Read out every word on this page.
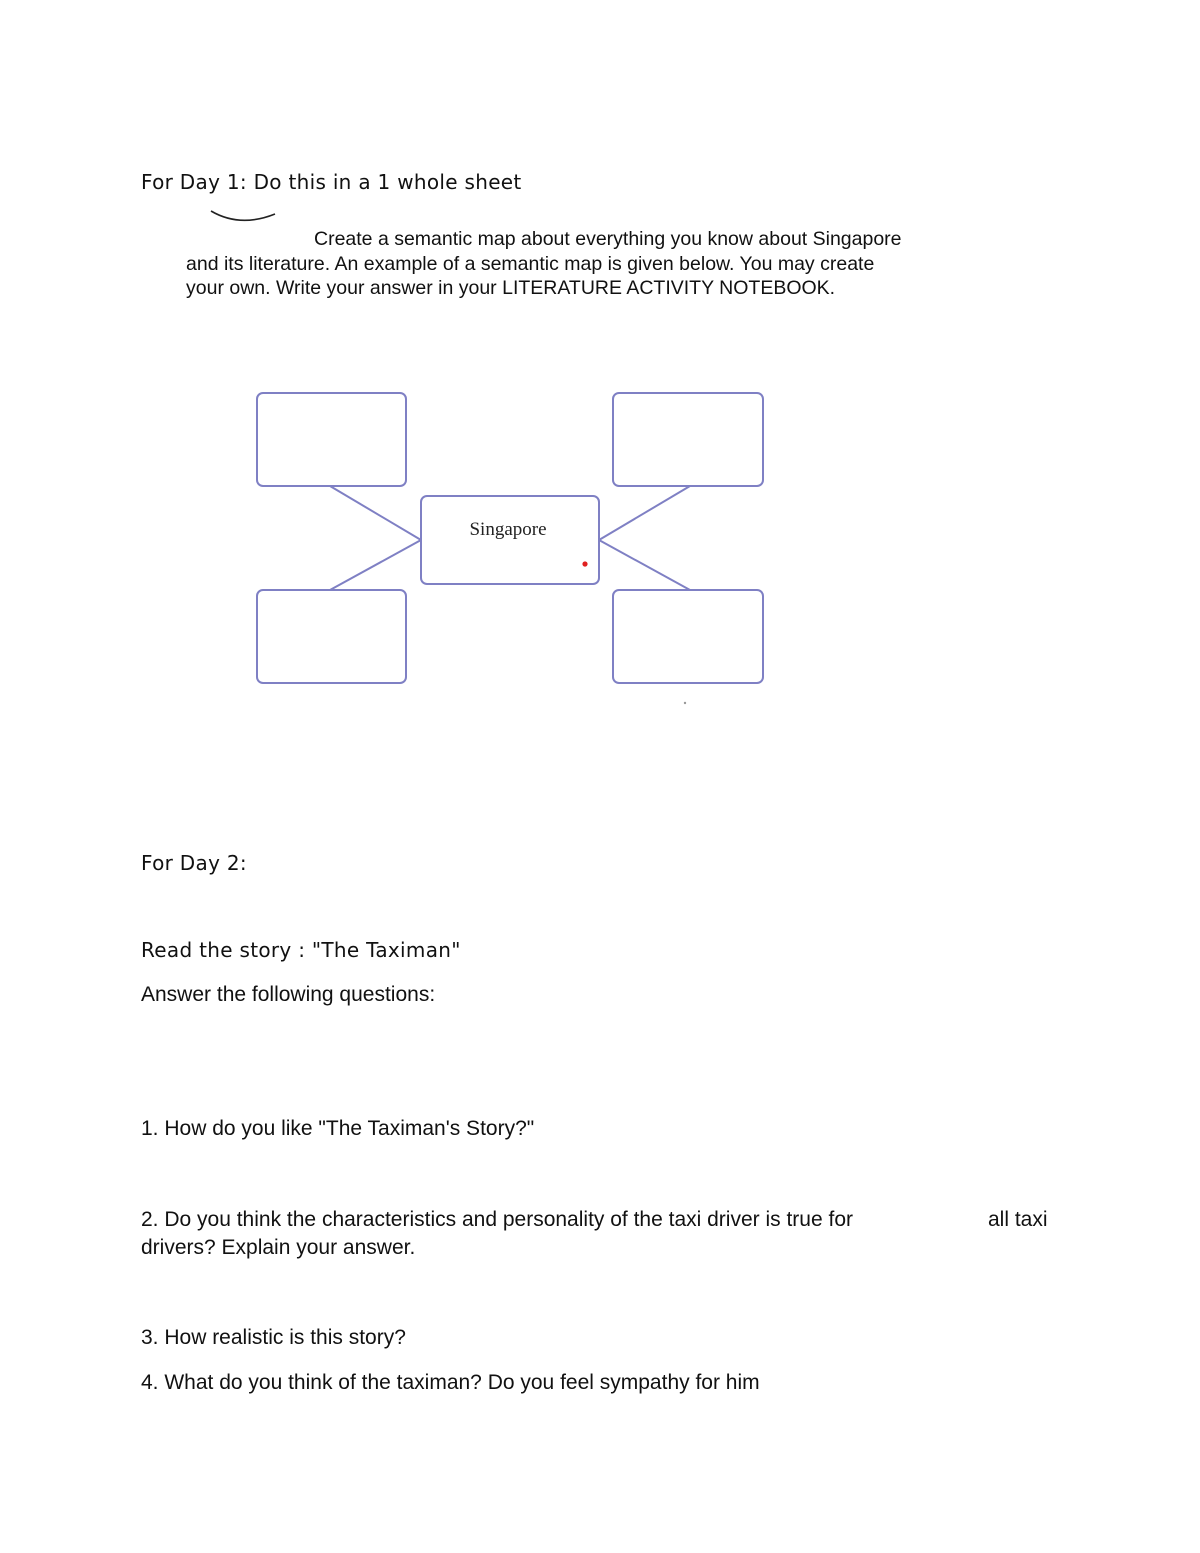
For Day 1: Do this in a 1 whole sheet

Create a semantic map about everything you know about Singapore

and its literature. An example of a semantic map is given below. You may create

your own. Write your answer in your LITERATURE ACTIVITY NOTEBOOK.

Singapore
For Day 2:
Read the story : "The Taximan"
Answer the following questions:
1. How do you like "The Taximan's Story?"
2. Do you think the characteristics and personality of the taxi driver is true for	all taxi
drivers? Explain your answer.
3. How realistic is this story?
4. What do you think of the taximan? Do you feel sympathy for him
